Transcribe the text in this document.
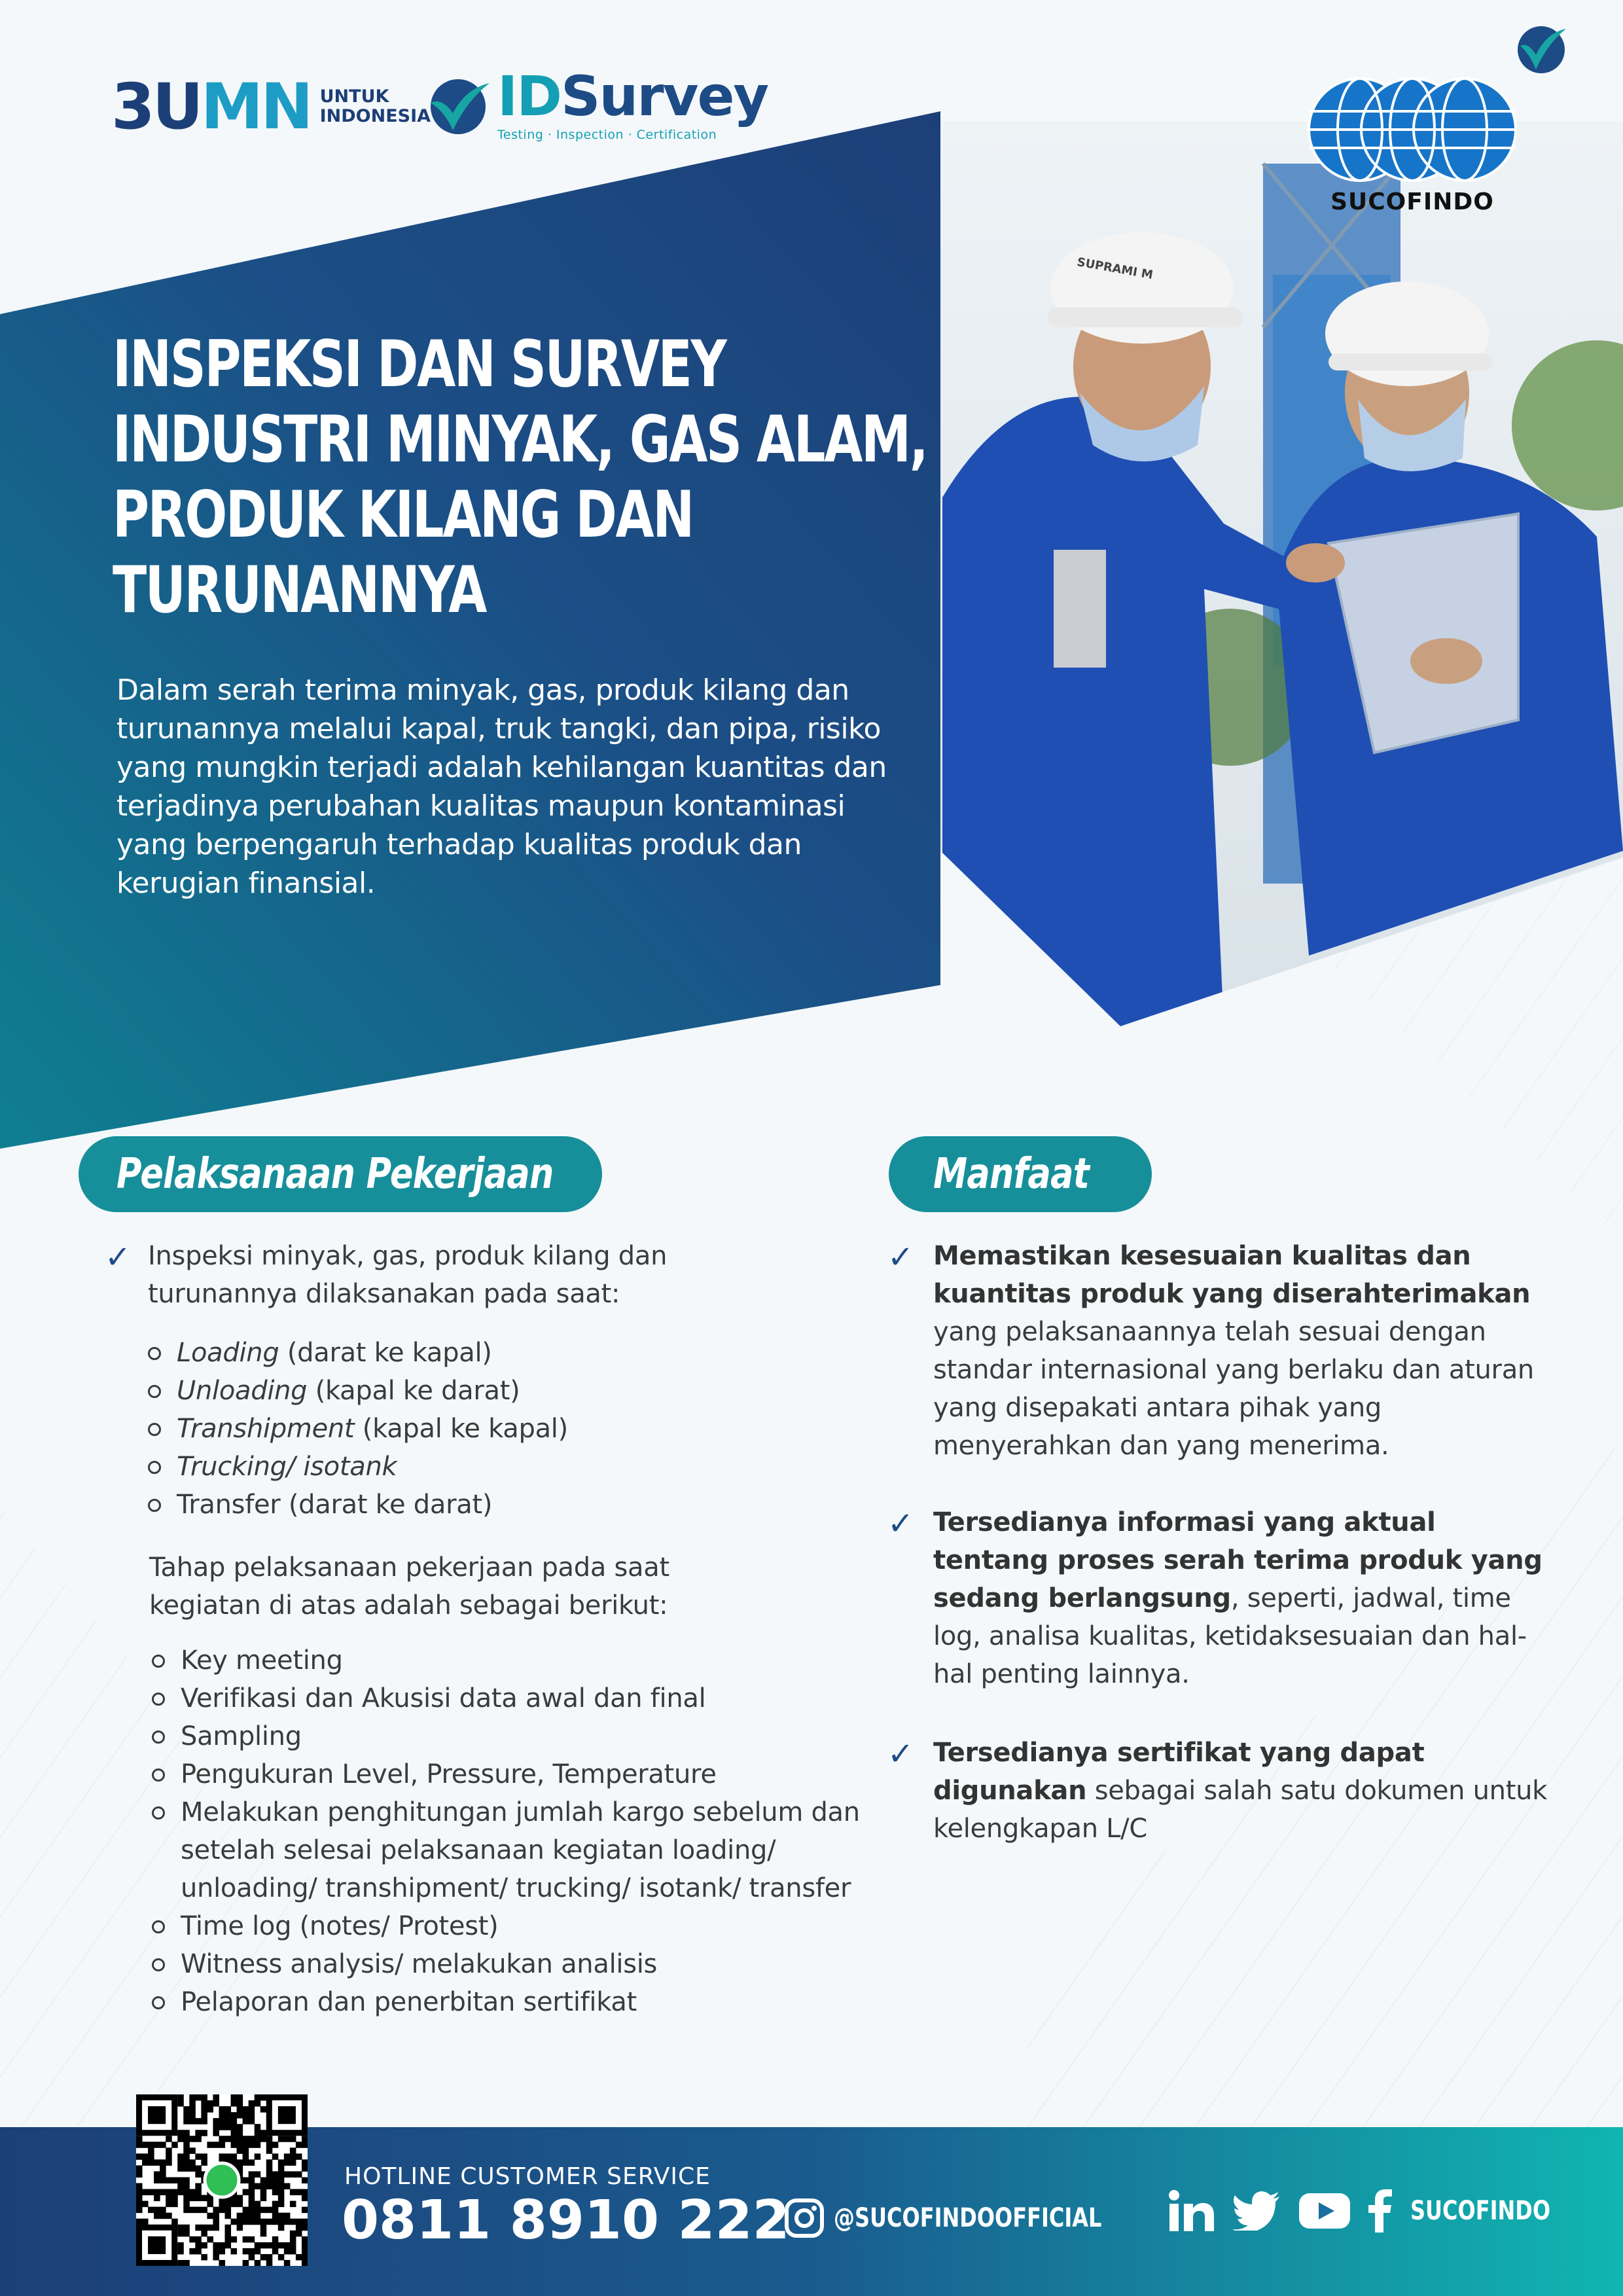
3UMN UNTUK
INDONESIA IDSurvey
Testing · Inspection · Certification
SUCOFINDO
INSPEKSI DAN SURVEY
INDUSTRI MINYAK, GAS ALAM,
PRODUK KILANG DAN
TURUNANNYA
Dalam serah terima minyak, gas, produk kilang dan turunannya melalui kapal, truk tangki, dan pipa, risiko yang mungkin terjadi adalah kehilangan kuantitas dan terjadinya perubahan kualitas maupun kontaminasi yang berpengaruh terhadap kualitas produk dan kerugian finansial.
SUPRAMI M
Pelaksanaan Pekerjaan	Manfaat
✓ Inspeksi minyak, gas, produk kilang dan turunannya dilaksanakan pada saat:
Loading (darat ke kapal)
Unloading (kapal ke darat)
Transhipment (kapal ke kapal)
Trucking/ isotank
Transfer (darat ke darat)
Tahap pelaksanaan pekerjaan pada saat kegiatan di atas adalah sebagai berikut:
Key meeting
Verifikasi dan Akusisi data awal dan final
Sampling
Pengukuran Level, Pressure, Temperature
Melakukan penghitungan jumlah kargo sebelum dan setelah selesai pelaksanaan kegiatan loading/ unloading/ transhipment/ trucking/ isotank/ transfer
Time log (notes/ Protest)
Witness analysis/ melakukan analisis
Pelaporan dan penerbitan sertifikat
✓ Memastikan kesesuaian kualitas dan kuantitas produk yang diserahterimakan yang pelaksanaannya telah sesuai dengan standar internasional yang berlaku dan aturan yang disepakati antara pihak yang menyerahkan dan yang menerima.
✓ Tersedianya informasi yang aktual tentang proses serah terima produk yang sedang berlangsung, seperti, jadwal, time log, analisa kualitas, ketidaksesuaian dan hal-hal penting lainnya.
✓ Tersedianya sertifikat yang dapat digunakan sebagai salah satu dokumen untuk kelengkapan L/C
HOTLINE CUSTOMER SERVICE
0811 8910 222 @SUCOFINDOOFFICIAL	SUCOFINDO
